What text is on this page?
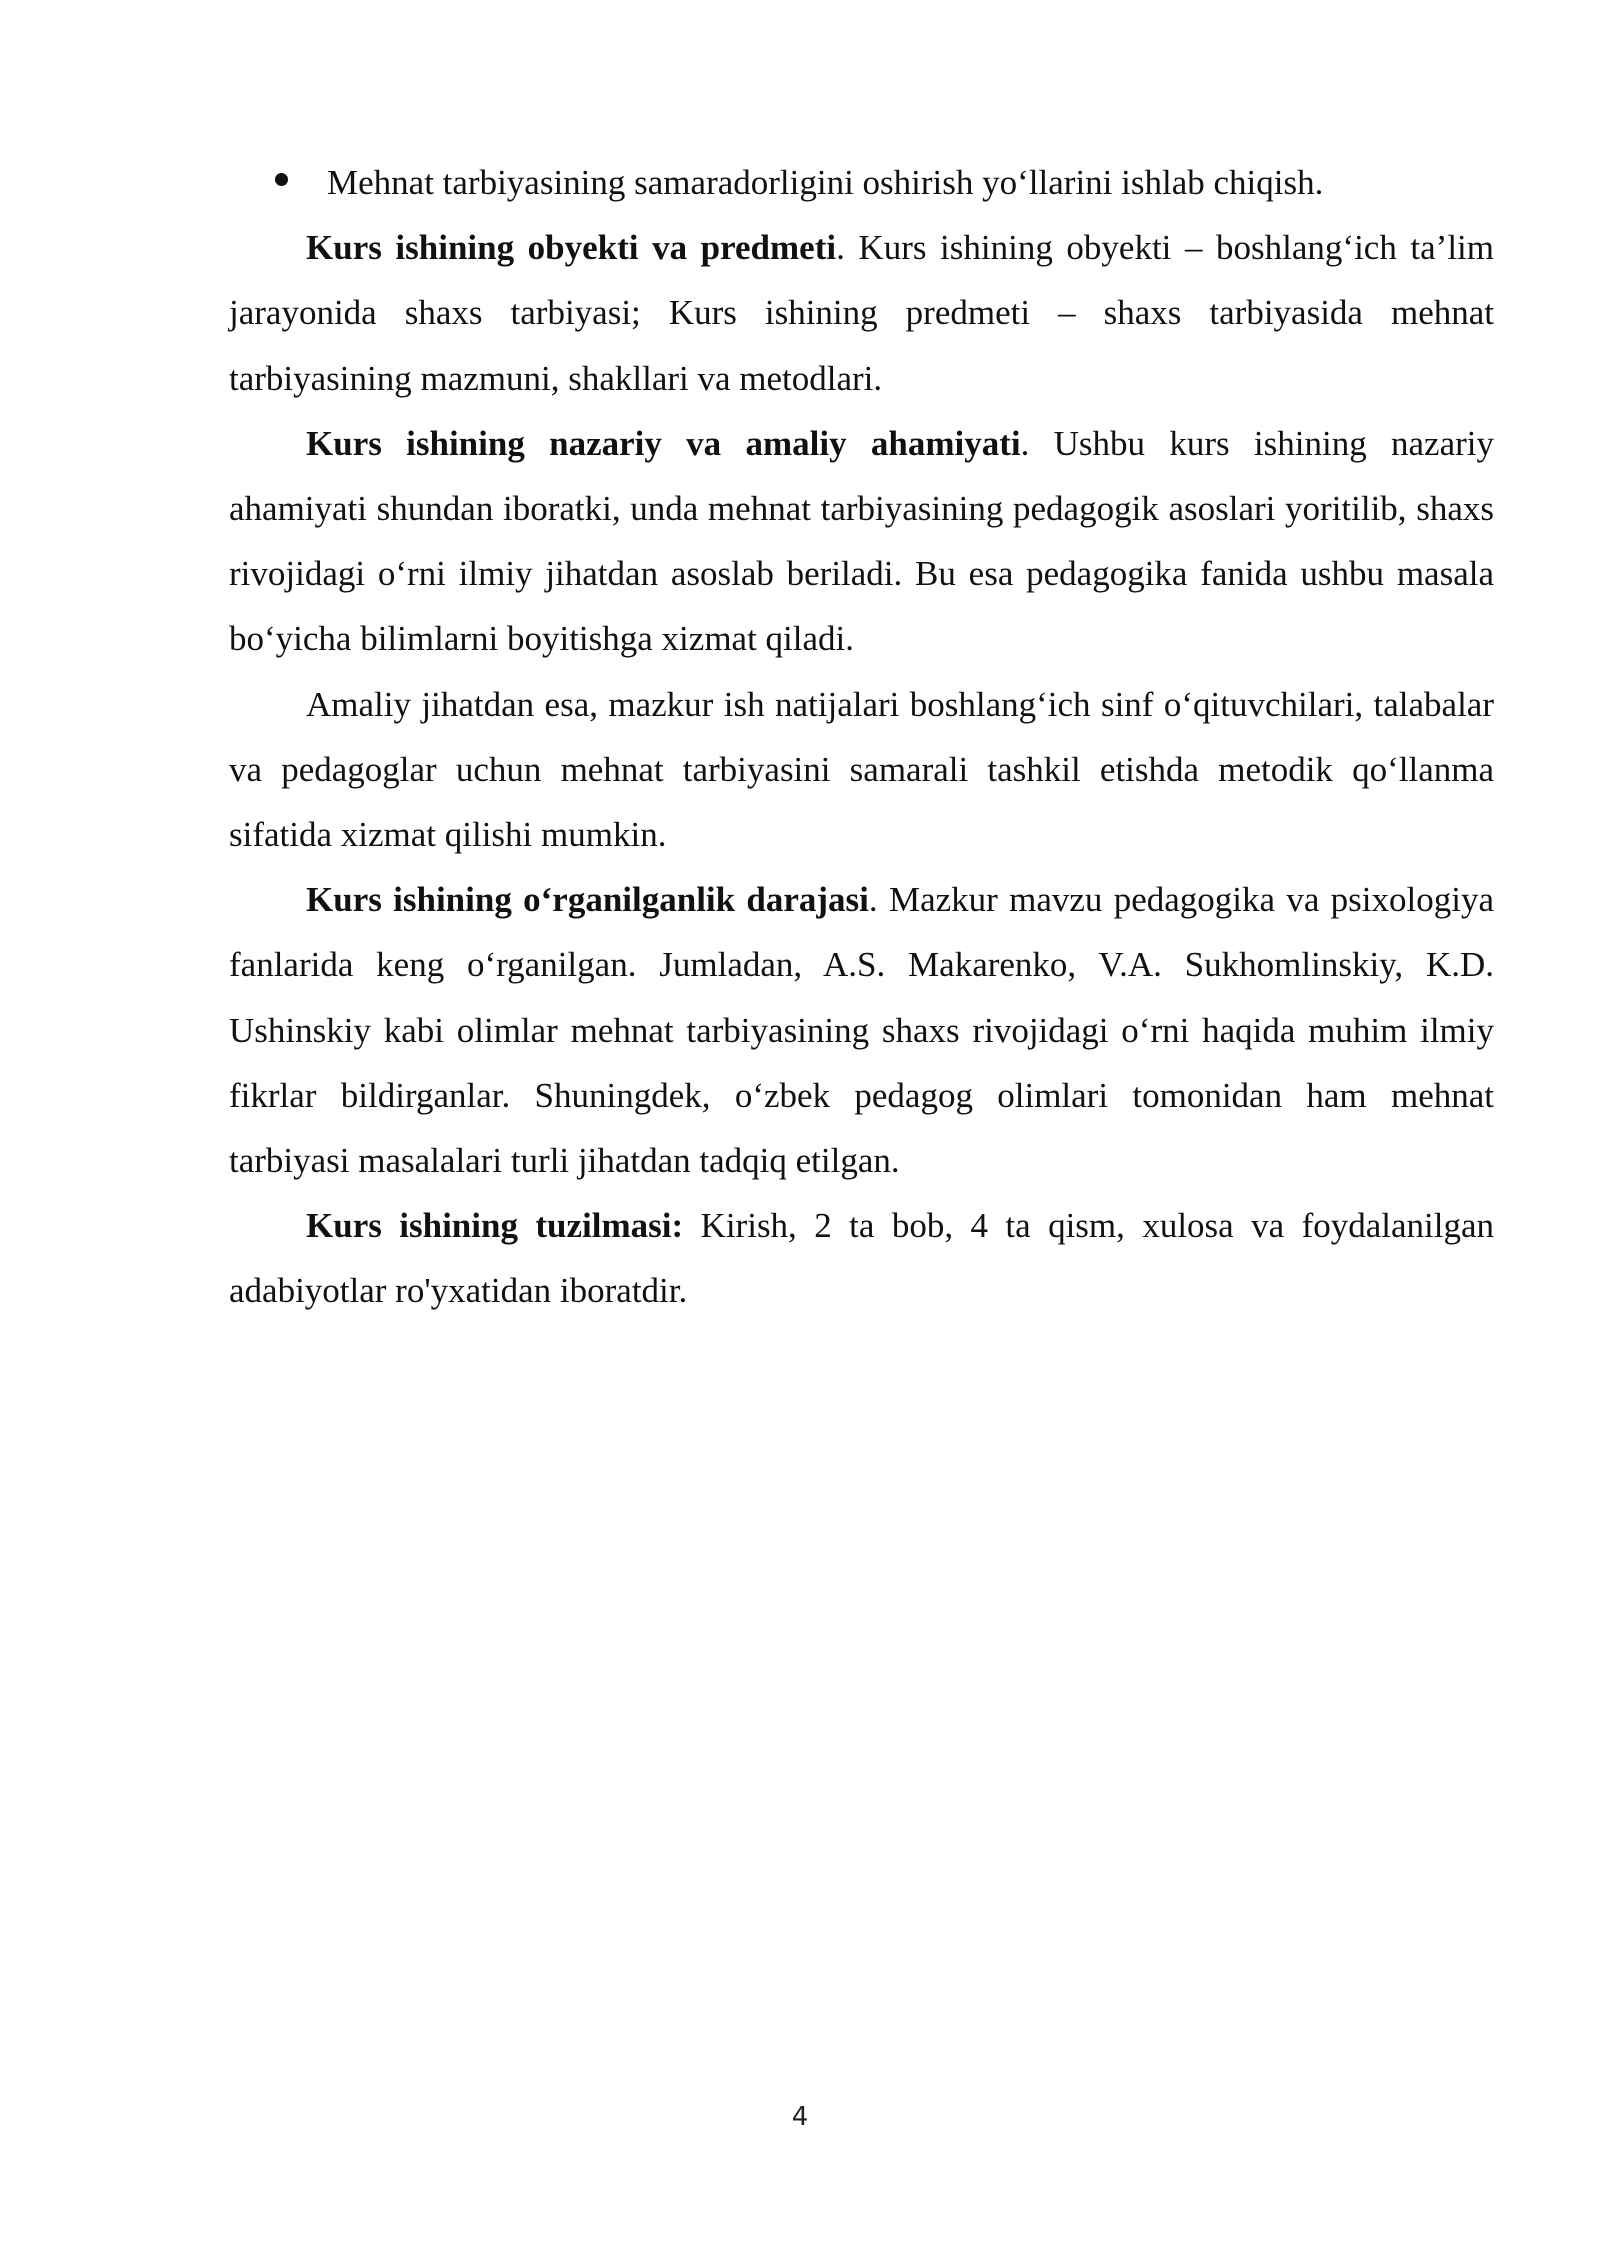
Mehnat tarbiyasining samaradorligini oshirish yo‘llarini ishlab chiqish.

Kurs ishining obyekti va predmeti. Kurs ishining obyekti – boshlang‘ich ta’lim jarayonida shaxs tarbiyasi; Kurs ishining predmeti – shaxs tarbiyasida mehnat tarbiyasining mazmuni, shakllari va metodlari.

Kurs ishining nazariy va amaliy ahamiyati. Ushbu kurs ishining nazariy ahamiyati shundan iboratki, unda mehnat tarbiyasining pedagogik asoslari yoritilib, shaxs rivojidagi o‘rni ilmiy jihatdan asoslab beriladi. Bu esa pedagogika fanida ushbu masala bo‘yicha bilimlarni boyitishga xizmat qiladi.

Amaliy jihatdan esa, mazkur ish natijalari boshlang‘ich sinf o‘qituvchilari, talabalar va pedagoglar uchun mehnat tarbiyasini samarali tashkil etishda metodik qo‘llanma sifatida xizmat qilishi mumkin.

Kurs ishining o‘rganilganlik darajasi. Mazkur mavzu pedagogika va psixologiya fanlarida keng o‘rganilgan. Jumladan, A.S. Makarenko, V.A. Sukhomlinskiy, K.D. Ushinskiy kabi olimlar mehnat tarbiyasining shaxs rivojidagi o‘rni haqida muhim ilmiy fikrlar bildirganlar. Shuningdek, o‘zbek pedagog olimlari tomonidan ham mehnat tarbiyasi masalalari turli jihatdan tadqiq etilgan.

Kurs ishining tuzilmasi: Kirish, 2 ta bob, 4 ta qism, xulosa va foydalanilgan adabiyotlar ro'yxatidan iboratdir.

4
